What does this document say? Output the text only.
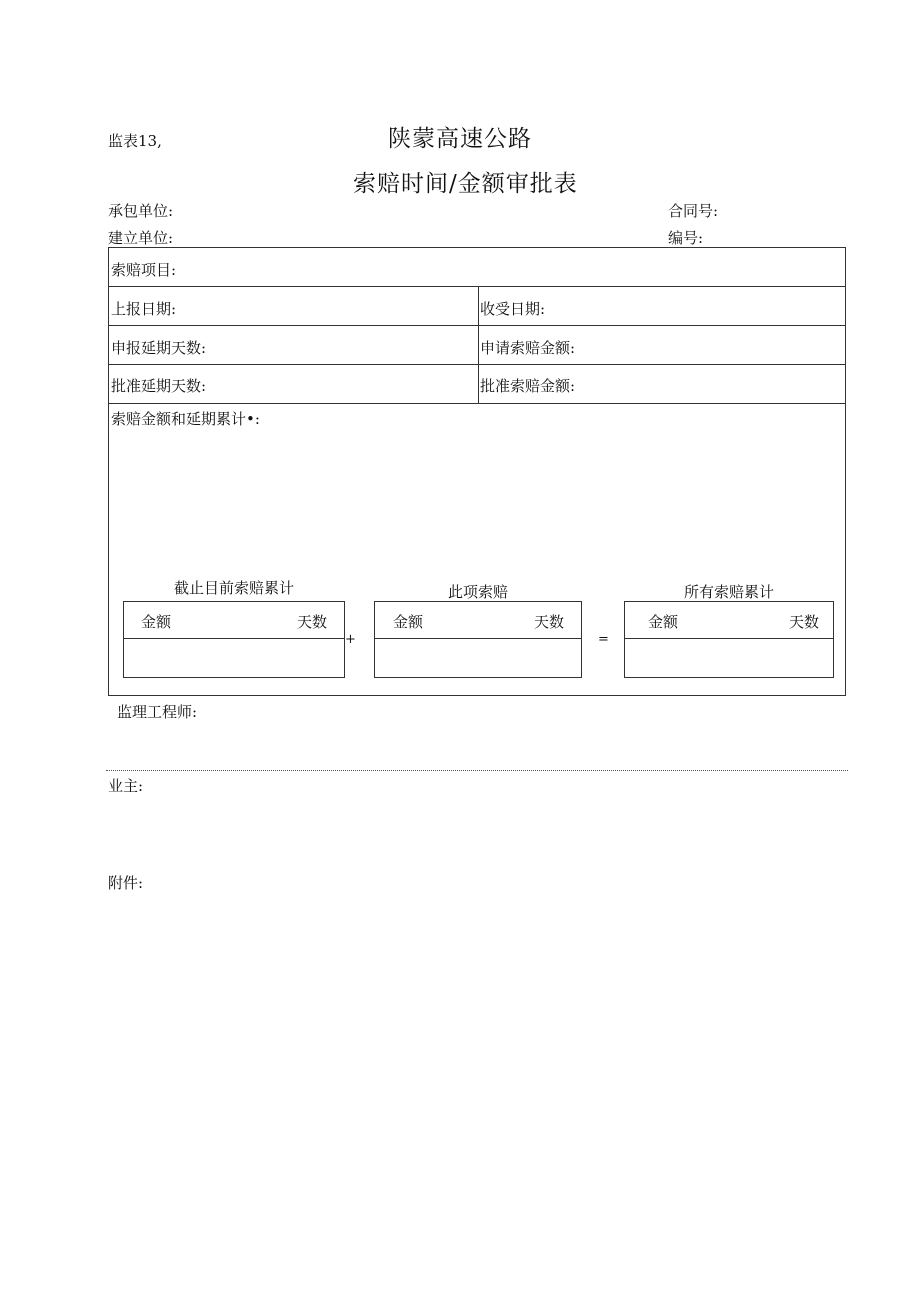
监表13,	陕蒙高速公路
索赔时间/金额审批表
承包单位:	合同号:
建立单位:	编号:
索赔项目:
上报日期:	收受日期:
申报延期天数:	申请索赔金额:
批准延期天数:	批准索赔金额:
索赔金额和延期累计•:
截止目前索赔累计
金额	天数
+
此项索赔
金额	天数
=
所有索赔累计
金额	天数
监理工程师:
业主:
附件:
